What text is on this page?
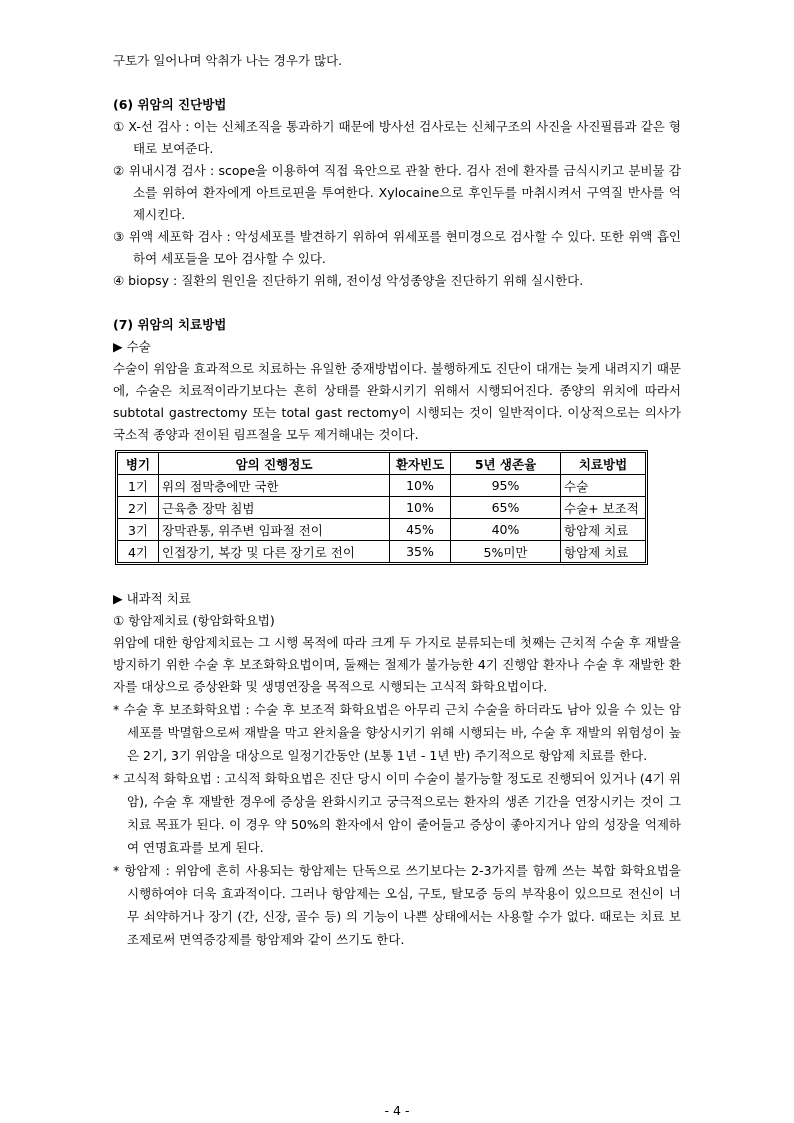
구토가 일어나며 악취가 나는 경우가 많다.

(6) 위암의 진단방법

① X-선 검사 : 이는 신체조직을 통과하기 때문에 방사선 검사로는 신체구조의 사진을 사진필름과 같은 형태로 보여준다.

② 위내시경 검사 : scope을 이용하여 직접 육안으로 관찰 한다. 검사 전에 환자를 금식시키고 분비물 감소를 위하여 환자에게 아트로핀을 투여한다. Xylocaine으로 후인두를 마취시켜서 구역질 반사를 억제시킨다.

③ 위액 세포학 검사 : 악성세포를 발견하기 위하여 위세포를 현미경으로 검사할 수 있다. 또한 위액 흡인하여 세포들을 모아 검사할 수 있다.

④ biopsy : 질환의 원인을 진단하기 위해, 전이성 악성종양을 진단하기 위해 실시한다.

(7) 위암의 치료방법

▶ 수술

수술이 위암을 효과적으로 치료하는 유일한 중재방법이다. 불행하게도 진단이 대개는 늦게 내려지기 때문에, 수술은 치료적이라기보다는 흔히 상태를 완화시키기 위해서 시행되어진다. 종양의 위치에 따라서 subtotal gastrectomy 또는 total gast rectomy이 시행되는 것이 일반적이다. 이상적으로는 의사가 국소적 종양과 전이된 림프절을 모두 제거해내는 것이다.

병기	암의 진행정도	환자빈도	5년 생존율	치료방법
1기	위의 점막층에만 국한	10%	95%	수술
2기	근육층 장막 침범	10%	65%	수술+ 보조적
3기	장막관통, 위주변 임파절 전이	45%	40%	항암제 치료
4기	인접장기, 복강 및 다른 장기로 전이	35%	5%미만	항암제 치료

▶ 내과적 치료

① 항암제치료 (항암화학요법)

위암에 대한 항암제치료는 그 시행 목적에 따라 크게 두 가지로 분류되는데 첫째는 근치적 수술 후 재발을 방지하기 위한 수술 후 보조화학요법이며, 둘째는 절제가 불가능한 4기 진행암 환자나 수술 후 재발한 환자를 대상으로 증상완화 및 생명연장을 목적으로 시행되는 고식적 화학요법이다.

* 수술 후 보조화학요법 : 수술 후 보조적 화학요법은 아무리 근치 수술을 하더라도 남아 있을 수 있는 암세포를 박멸함으로써 재발을 막고 완치율을 향상시키기 위해 시행되는 바, 수술 후 재발의 위험성이 높은 2기, 3기 위암을 대상으로 일정기간동안 (보통 1년 - 1년 반) 주기적으로 항암제 치료를 한다.

* 고식적 화학요법 : 고식적 화학요법은 진단 당시 이미 수술이 불가능할 정도로 진행되어 있거나 (4기 위암), 수술 후 재발한 경우에 증상을 완화시키고 궁극적으로는 환자의 생존 기간을 연장시키는 것이 그 치료 목표가 된다. 이 경우 약 50%의 환자에서 암이 줄어들고 증상이 좋아지거나 암의 성장을 억제하여 연명효과를 보게 된다.

* 항암제 : 위암에 흔히 사용되는 항암제는 단독으로 쓰기보다는 2-3가지를 함께 쓰는 복합 화학요법을 시행하여야 더욱 효과적이다. 그러나 항암제는 오심, 구토, 탈모증 등의 부작용이 있으므로 전신이 너무 쇠약하거나 장기 (간, 신장, 골수 등) 의 기능이 나쁜 상태에서는 사용할 수가 없다. 때로는 치료 보조제로써 면역증강제를 항암제와 같이 쓰기도 한다.

- 4 -
